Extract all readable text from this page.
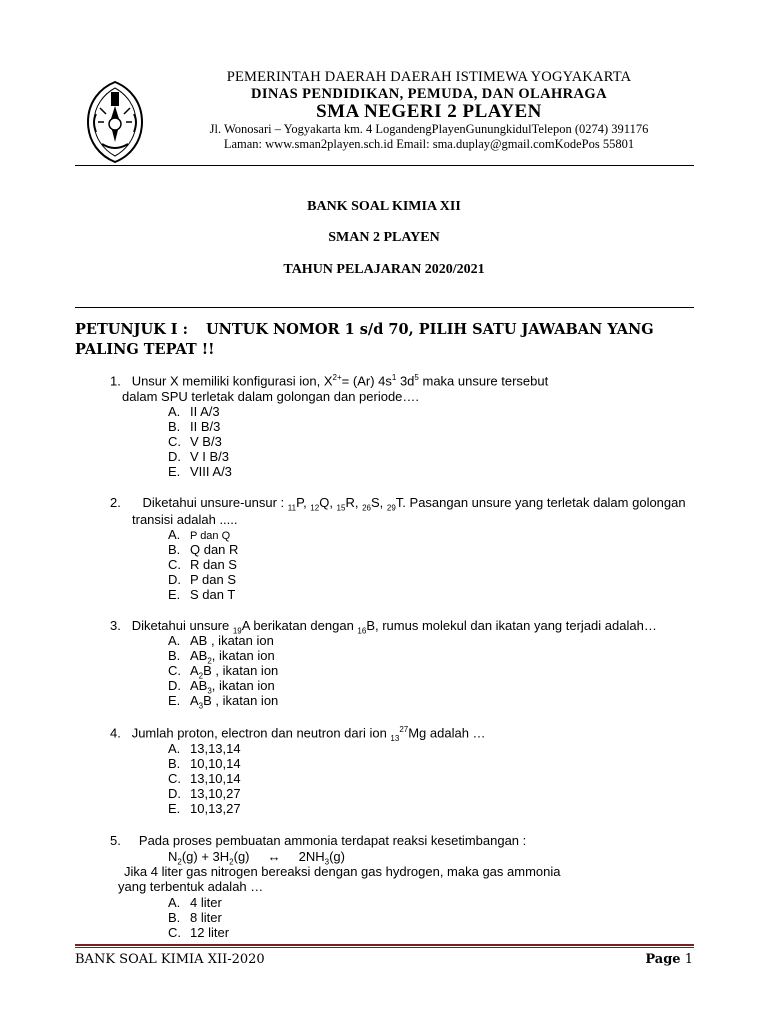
PEMERINTAH DAERAH DAERAH ISTIMEWA YOGYAKARTA
DINAS PENDIDIKAN, PEMUDA, DAN OLAHRAGA
SMA NEGERI 2 PLAYEN
Jl. Wonosari – Yogyakarta km. 4 LogandengPlayenGunungkidulTelepon (0274) 391176
Laman: www.sman2playen.sch.id Email: sma.duplay@gmail.comKodePos 55801
BANK SOAL KIMIA XII
SMAN 2 PLAYEN
TAHUN PELAJARAN 2020/2021
PETUNJUK I : UNTUK NOMOR 1 s/d 70, PILIH SATU JAWABAN YANG PALING TEPAT !!
1. Unsur X memiliki konfigurasi ion, $X^{2+}= (Ar)$ $4s^1$ $3d^5$ maka unsure tersebut
dalam SPU terletak dalam golongan dan periode….
A. II A/3
B. II B/3
C. V B/3
D. V I B/3
E. VIII A/3
2. Diketahui unsure-unsur : $_{11}$P, $_{12}$Q, $_{15}$R, $_{26}$S, $_{29}$T. Pasangan unsure yang terletak dalam golongan
transisi adalah .....
A. P dan Q
B. Q dan R
C. R dan S
D. P dan S
E. S dan T
3. Diketahui unsure $_{19}$A berikatan dengan $_{16}$B, rumus molekul dan ikatan yang terjadi adalah…
A. AB , ikatan ion
B. $AB_2$, ikatan ion
C. $A_2B$ , ikatan ion
D. $AB_3$, ikatan ion
E. $A_3B$ , ikatan ion
4. Jumlah proton, electron dan neutron dari ion $_{13}^{27}$Mg adalah …
A. 13,13,14
B. 10,10,14
C. 13,10,14
D. 13,10,27
E. 10,13,27
5. Pada proses pembuatan ammonia terdapat reaksi kesetimbangan :
$N_2(g) + 3H_2(g)$     ↔     $2NH_3(g)$
Jika 4 liter gas nitrogen bereaksi dengan gas hydrogen, maka gas ammonia
yang terbentuk adalah …
A. 4 liter
B. 8 liter
C. 12 liter
BANK SOAL KIMIA XII-2020	Page 1
